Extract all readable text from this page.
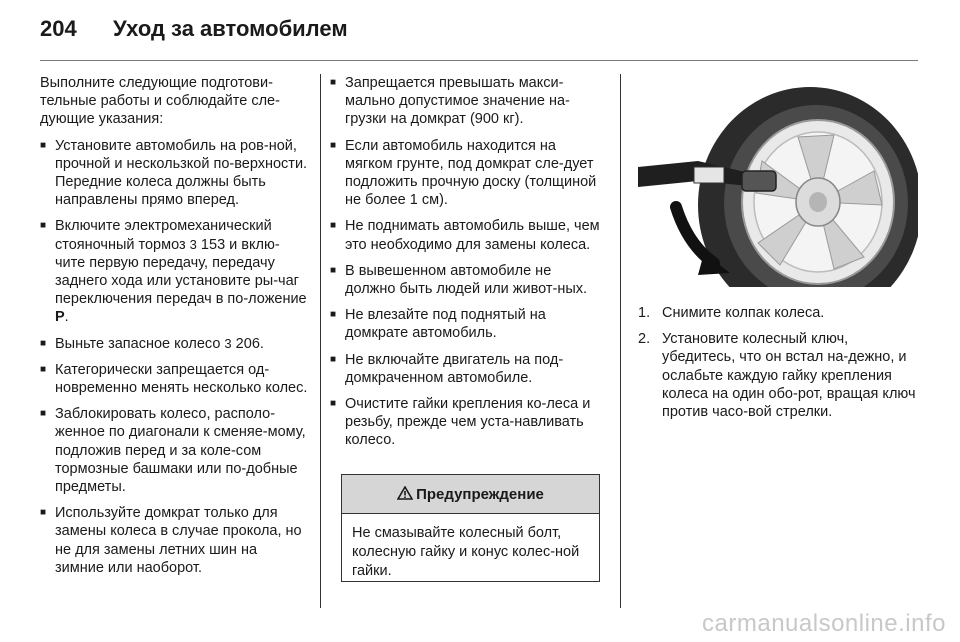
204 Уход за автомобилем

Выполните следующие подготови-тельные работы и соблюдайте сле-дующие указания:

■ Установите автомобиль на ров-ной, прочной и нескользкой по-верхности. Передние колеса должны быть направлены прямо вперед.
■ Включите электромеханический стояночный тормоз 3 153 и вклю-чите первую передачу, передачу заднего хода или установите ры-чаг переключения передач в по-ложение P.
■ Выньте запасное колесо 3 206.
■ Категорически запрещается од-новременно менять несколько колес.
■ Заблокировать колесо, располо-женное по диагонали к сменяе-мому, подложив перед и за коле-сом тормозные башмаки или по-добные предметы.
■ Используйте домкрат только для замены колеса в случае прокола, но не для замены летних шин на зимние или наоборот.
■ Запрещается превышать макси-мально допустимое значение на-грузки на домкрат (900 кг).
■ Если автомобиль находится на мягком грунте, под домкрат сле-дует подложить прочную доску (толщиной не более 1 см).
■ Не поднимать автомобиль выше, чем это необходимо для замены колеса.
■ В вывешенном автомобиле не должно быть людей или живот-ных.
■ Не влезайте под поднятый на домкрате автомобиль.
■ Не включайте двигатель на под-домкраченном автомобиле.
■ Очистите гайки крепления ко-леса и резьбу, прежде чем уста-навливать колесо.
Предупреждение
Не смазывайте колесный болт, колесную гайку и конус колес-ной гайки.
1. Снимите колпак колеса.
2. Установите колесный ключ, убедитесь, что он встал на-дежно, и ослабьте каждую гайку крепления колеса на один обо-рот, вращая ключ против часо-вой стрелки.
carmanualsonline.info
